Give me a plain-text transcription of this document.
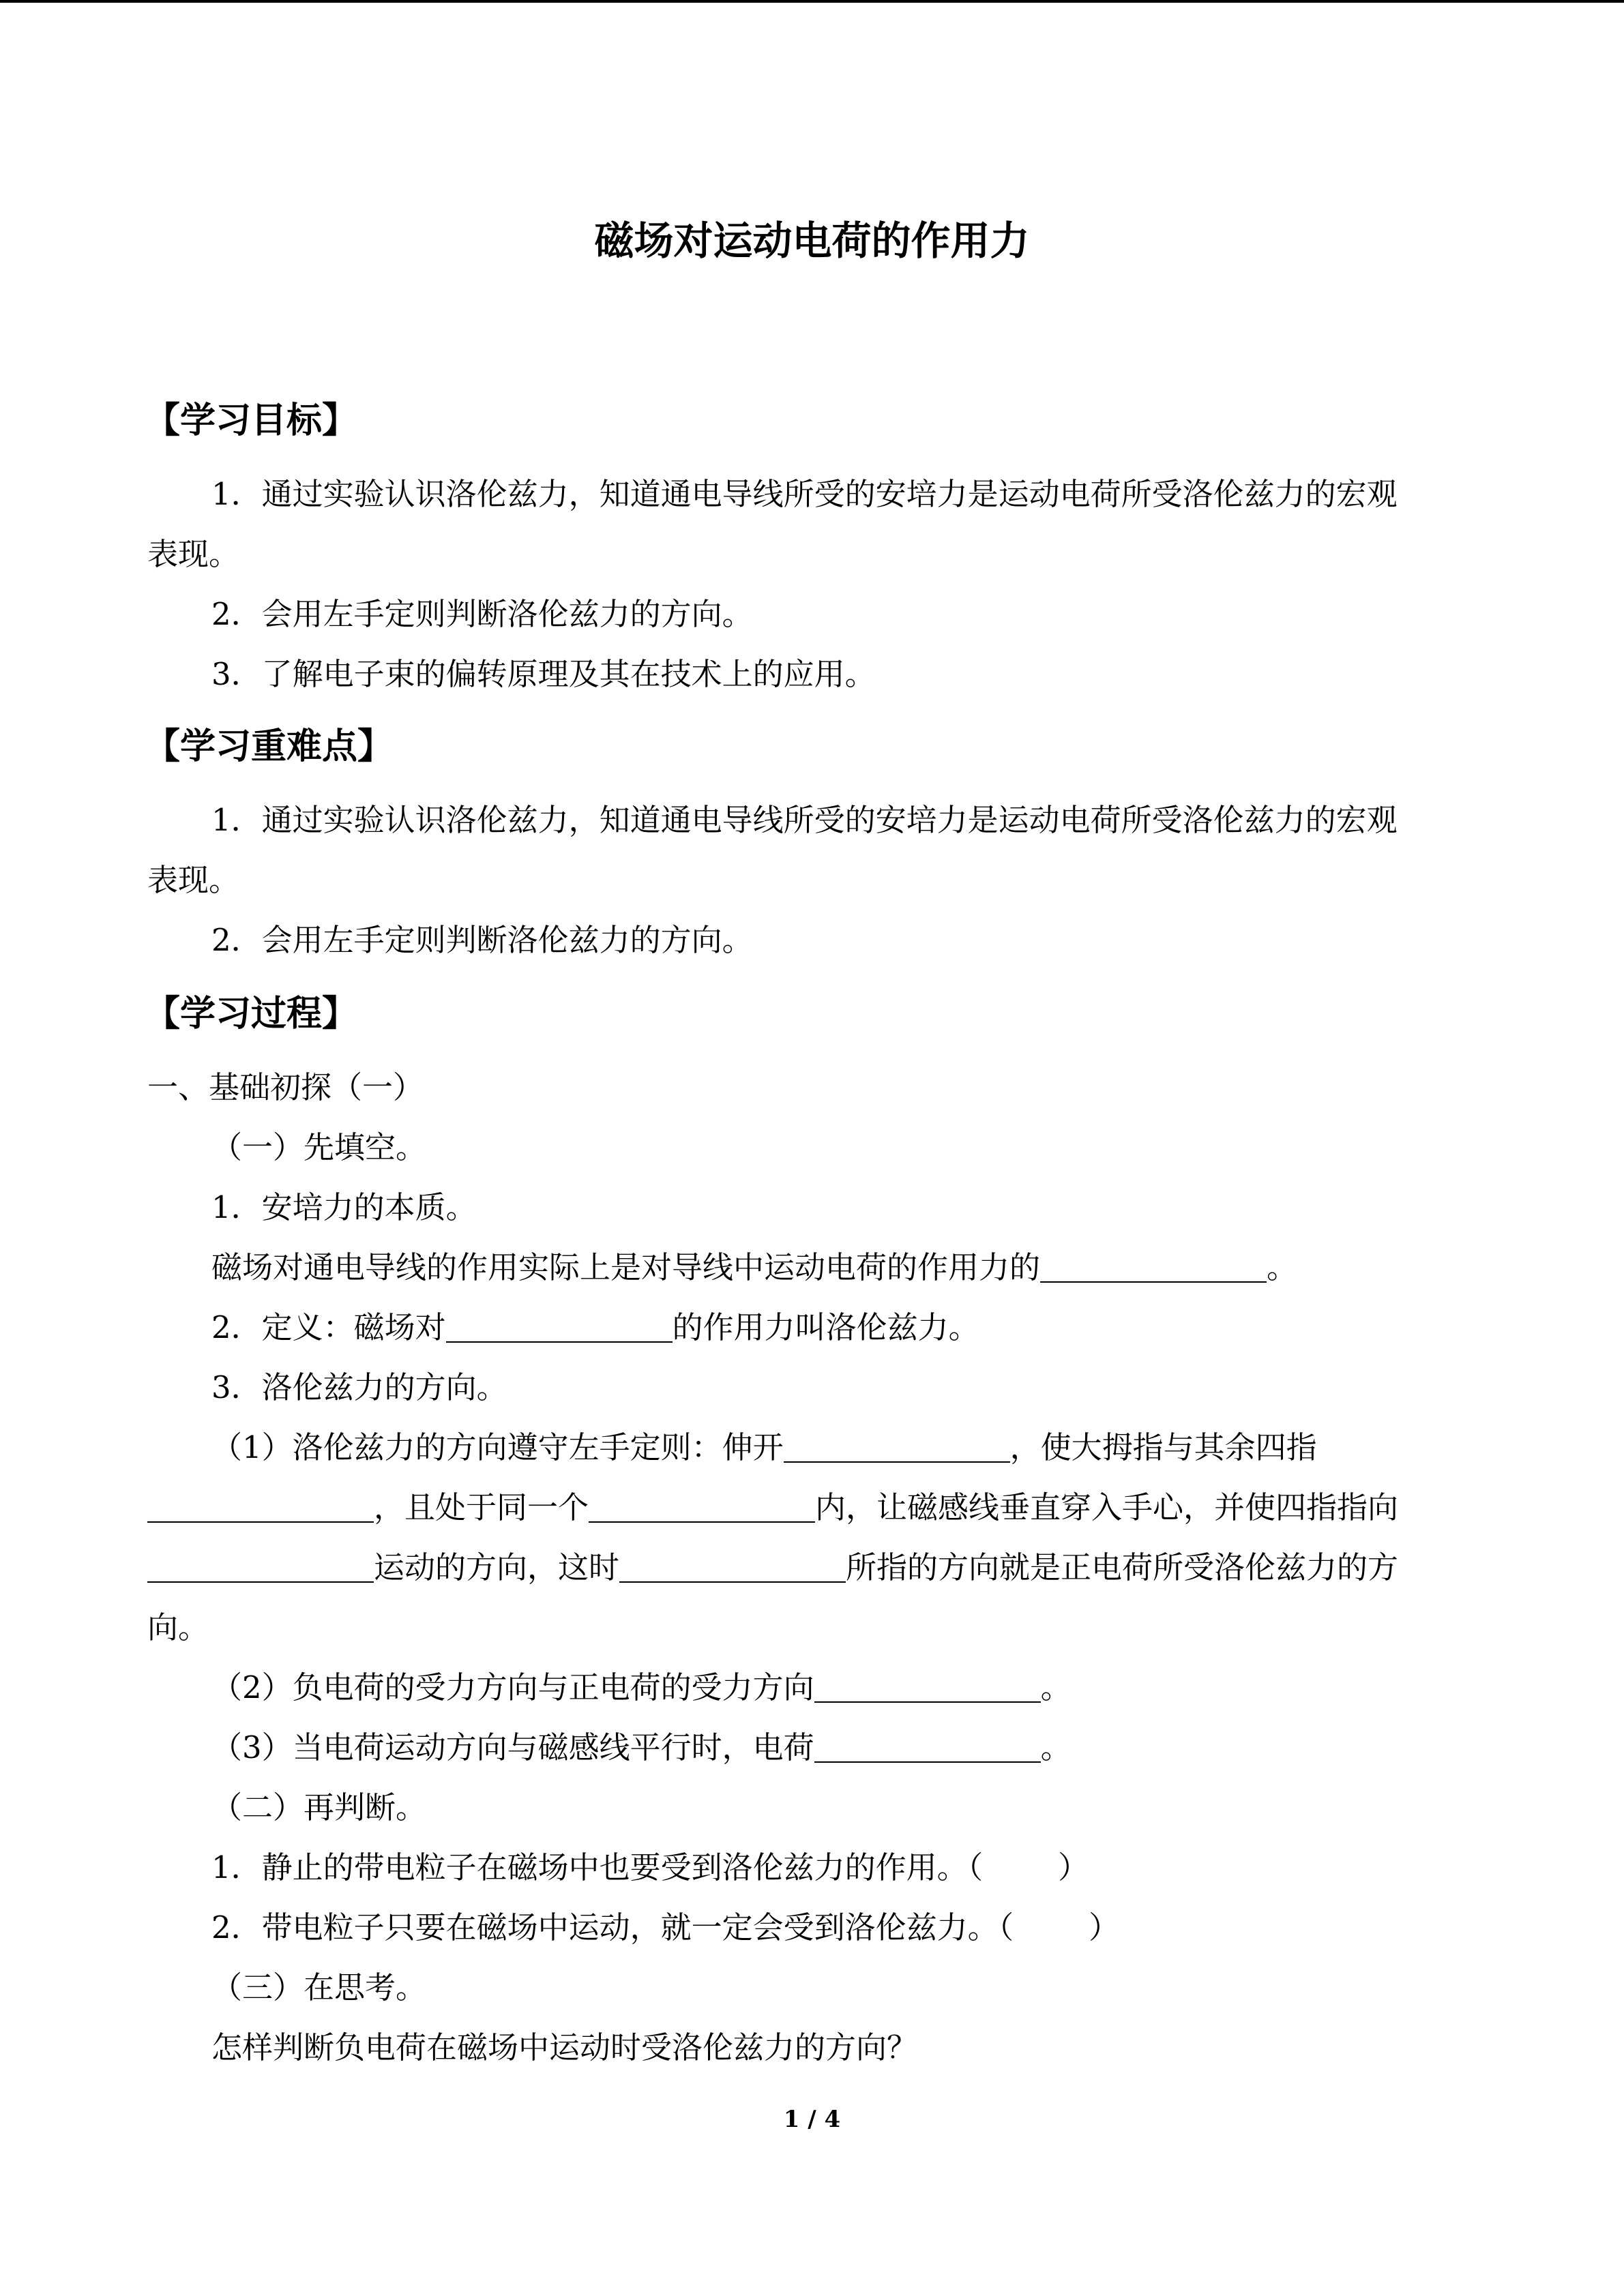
磁场对运动电荷的作用力
【学习目标】
1．通过实验认识洛伦兹力，知道通电导线所受的安培力是运动电荷所受洛伦兹力的宏观
表现。
2．会用左手定则判断洛伦兹力的方向。
3．了解电子束的偏转原理及其在技术上的应用。
【学习重难点】
1．通过实验认识洛伦兹力，知道通电导线所受的安培力是运动电荷所受洛伦兹力的宏观
表现。
2．会用左手定则判断洛伦兹力的方向。
【学习过程】
一、基础初探（一）
（一）先填空。
1．安培力的本质。
磁场对通电导线的作用实际上是对导线中运动电荷的作用力的	。
2．定义：磁场对	的作用力叫洛伦兹力。
3．洛伦兹力的方向。
（1）洛伦兹力的方向遵守左手定则：伸开	，使大拇指与其余四指
，且处于同一个	内，让磁感线垂直穿入手心，并使四指指向
运动的方向，这时	所指的方向就是正电荷所受洛伦兹力的方
向。
（2）负电荷的受力方向与正电荷的受力方向	。
（3）当电荷运动方向与磁感线平行时，电荷	。
（二）再判断。
1．静止的带电粒子在磁场中也要受到洛伦兹力的作用。（ ）
2．带电粒子只要在磁场中运动，就一定会受到洛伦兹力。（ ）
（三）在思考。
怎样判断负电荷在磁场中运动时受洛伦兹力的方向？
1 / 4
